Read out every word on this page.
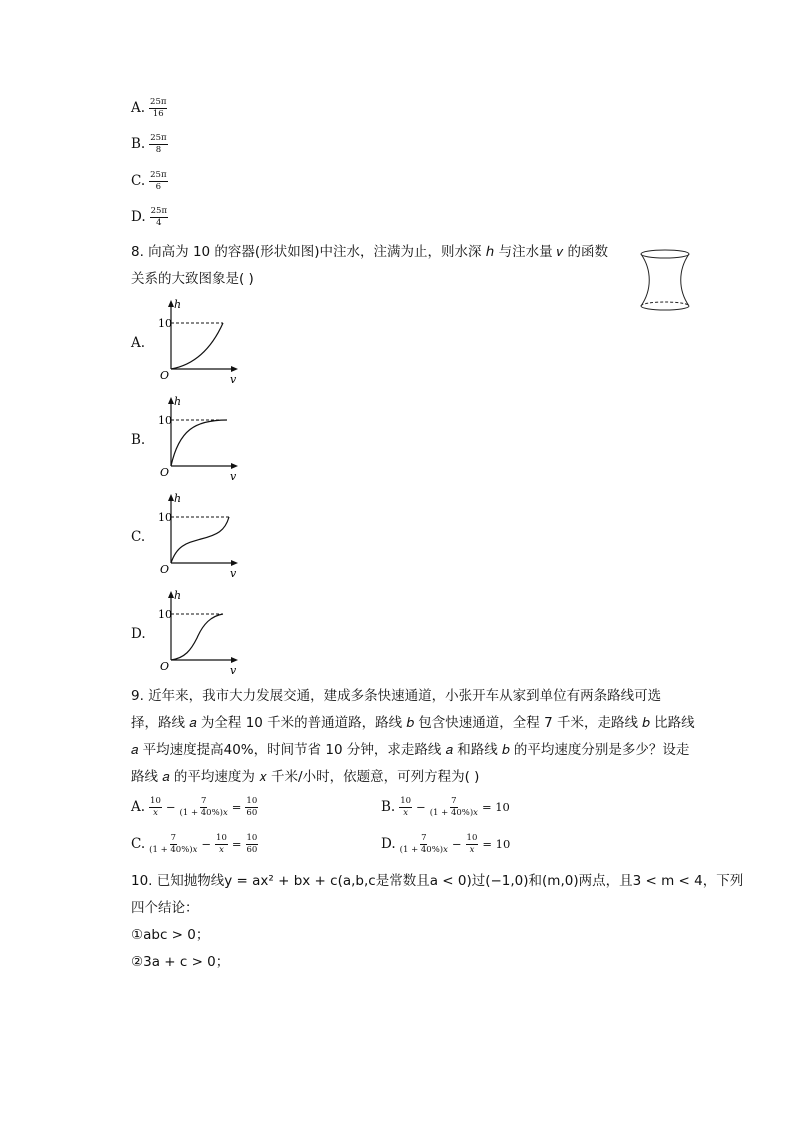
A. $\frac{25\pi}{16}$
B. $\frac{25\pi}{8}$
C. $\frac{25\pi}{6}$
D. $\frac{25\pi}{4}$
8. 向高为 10 的容器(形状如图)中注水，注满为止，则水深 ℎ 与注水量 𝑣 的函数
关系的大致图象是( )
A.
h
10
O	v
B.
h
10
O	v
C.
h
10
O	v
D.
h
10
O	v
9. 近年来，我市大力发展交通，建成多条快速通道，小张开车从家到单位有两条路线可选
择，路线 𝑎 为全程 10 千米的普通道路，路线 𝑏 包含快速通道，全程 7 千米，走路线 𝑏 比路线
𝑎 平均速度提高40%，时间节省 10 分钟，求走路线 𝑎 和路线 𝑏 的平均速度分别是多少？设走
路线 𝑎 的平均速度为 𝑥 千米/小时，依题意，可列方程为( )
A. $\frac{10}{\text{𝑥}} - \frac{7}{\text{(1 + 40\%)𝑥}} = \frac{10}{60}$	B. $\frac{10}{\text{𝑥}} - \frac{7}{\text{(1 + 40\%)𝑥}} = 10$
C. $\frac{7}{\text{(1 + 40\%)𝑥}} - \frac{10}{\text{𝑥}} = \frac{10}{60}$	D. $\frac{7}{\text{(1 + 40\%)𝑥}} - \frac{10}{\text{𝑥}} = 10$
10. 已知抛物线y = ax² + bx + c(a,b,c是常数且a < 0)过(−1,0)和(m,0)两点，且3 < m < 4，下列
四个结论：
①abc > 0；
②3a + c > 0；
